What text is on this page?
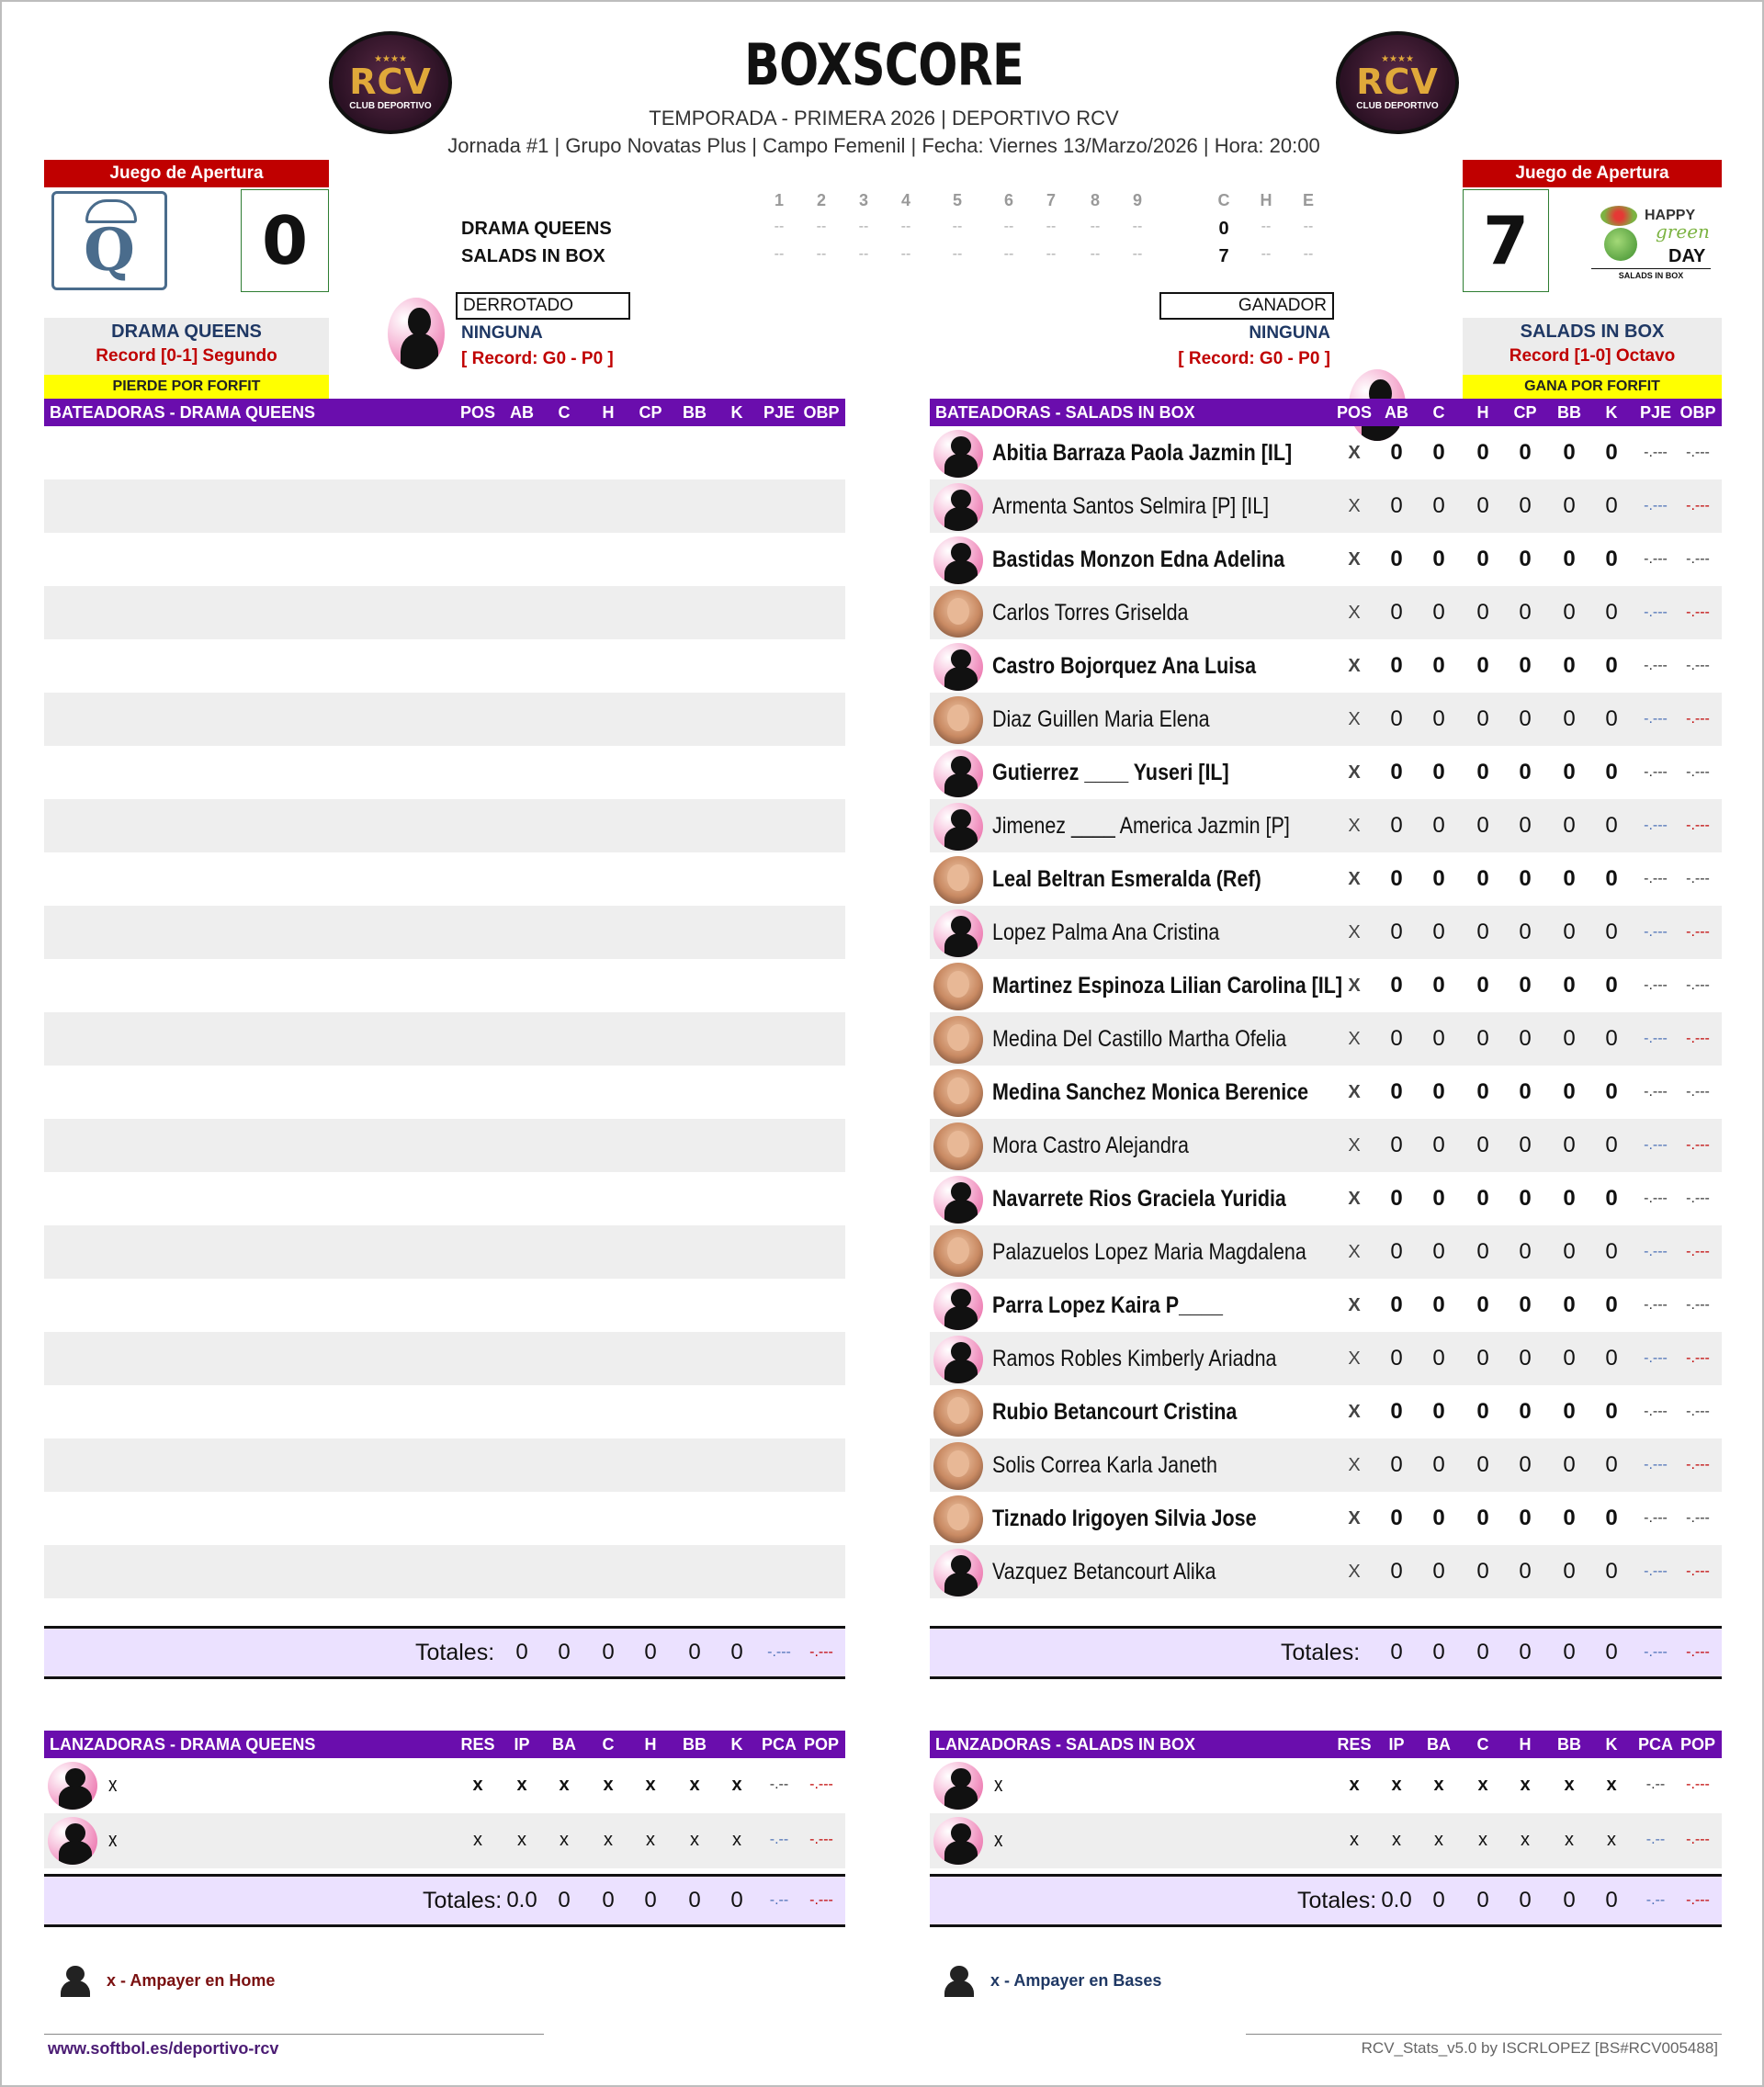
BOXSCORE
TEMPORADA - PRIMERA 2026 | DEPORTIVO RCV
Jornada #1 | Grupo Novatas Plus | Campo Femenil | Fecha: Viernes 13/Marzo/2026 | Hora: 20:00
★★★★
RCV
CLUB DEPORTIVO
★★★★
RCV
CLUB DEPORTIVO
Juego de Apertura
Q	0
DRAMA QUEENS
Record [0-1] Segundo
PIERDE POR FORFIT
Juego de Apertura
7	HAPPY
green
DAY
SALADS IN BOX
SALADS IN BOX
Record [1-0] Octavo
GANA POR FORFIT
DRAMA QUEENS
SALADS IN BOX
1	2	3	4	5	6	7	8	9	C	H	E
--	--	--	--	--	--	--	--	--	0	--	--
--	--	--	--	--	--	--	--	--	7	--	--
DERROTADO
NINGUNA
[ Record: G0 - P0 ]
GANADOR
NINGUNA
[ Record: G0 - P0 ]
BATEADORAS - DRAMA QUEENS	POS AB	C	H	CP	BB	K	PJE OBP
Totales: 0	0	0	0	0	0	-.---	-.---
BATEADORAS - SALADS IN BOX	POS AB	C	H	CP	BB	K	PJE OBP
Abitia Barraza Paola Jazmin [IL]	X	0	0	0	0	0	0	-.---	-.---
Armenta Santos Selmira [P] [IL]	X	0	0	0	0	0	0	-.---	-.---
Bastidas Monzon Edna Adelina	X	0	0	0	0	0	0	-.---	-.---
Carlos Torres Griselda	X	0	0	0	0	0	0	-.---	-.---
Castro Bojorquez Ana Luisa	X	0	0	0	0	0	0	-.---	-.---
Diaz Guillen Maria Elena	X	0	0	0	0	0	0	-.---	-.---
Gutierrez ____ Yuseri [IL]	X	0	0	0	0	0	0	-.---	-.---
Jimenez ____ America Jazmin [P]	X	0	0	0	0	0	0	-.---	-.---
Leal Beltran Esmeralda (Ref)	X	0	0	0	0	0	0	-.---	-.---
Lopez Palma Ana Cristina	X	0	0	0	0	0	0	-.---	-.---
Martinez Espinoza Lilian Carolina [IL] X	0	0	0	0	0	0	-.---	-.---
Medina Del Castillo Martha Ofelia	X	0	0	0	0	0	0	-.---	-.---
Medina Sanchez Monica Berenice	X	0	0	0	0	0	0	-.---	-.---
Mora Castro Alejandra	X	0	0	0	0	0	0	-.---	-.---
Navarrete Rios Graciela Yuridia	X	0	0	0	0	0	0	-.---	-.---
Palazuelos Lopez Maria Magdalena	X	0	0	0	0	0	0	-.---	-.---
Parra Lopez Kaira P____	X	0	0	0	0	0	0	-.---	-.---
Ramos Robles Kimberly Ariadna	X	0	0	0	0	0	0	-.---	-.---
Rubio Betancourt Cristina	X	0	0	0	0	0	0	-.---	-.---
Solis Correa Karla Janeth	X	0	0	0	0	0	0	-.---	-.---
Tiznado Irigoyen Silvia Jose	X	0	0	0	0	0	0	-.---	-.---
Vazquez Betancourt Alika	X	0	0	0	0	0	0	-.---	-.---
Totales:	0	0	0	0	0	0	-.---	-.---
LANZADORAS - DRAMA QUEENS	RES	IP	BA	C	H	BB	K	PCA POP
x	x	x	x	x	x	x	x	-.--	-.---
x	x	x	x	x	x	x	x	-.--	-.---
Totales: 0.0 0	0	0	0	0	-.--	-.---
LANZADORAS - SALADS IN BOX	RES	IP	BA	C	H	BB	K	PCA POP
x	x	x	x	x	x	x	x	-.--	-.---
x	x	x	x	x	x	x	x	-.--	-.---
Totales: 0.0 0	0	0	0	0	-.--	-.---
x - Ampayer en Home	x - Ampayer en Bases
www.softbol.es/deportivo-rcv	RCV_Stats_v5.0 by ISCRLOPEZ [BS#RCV005488]
